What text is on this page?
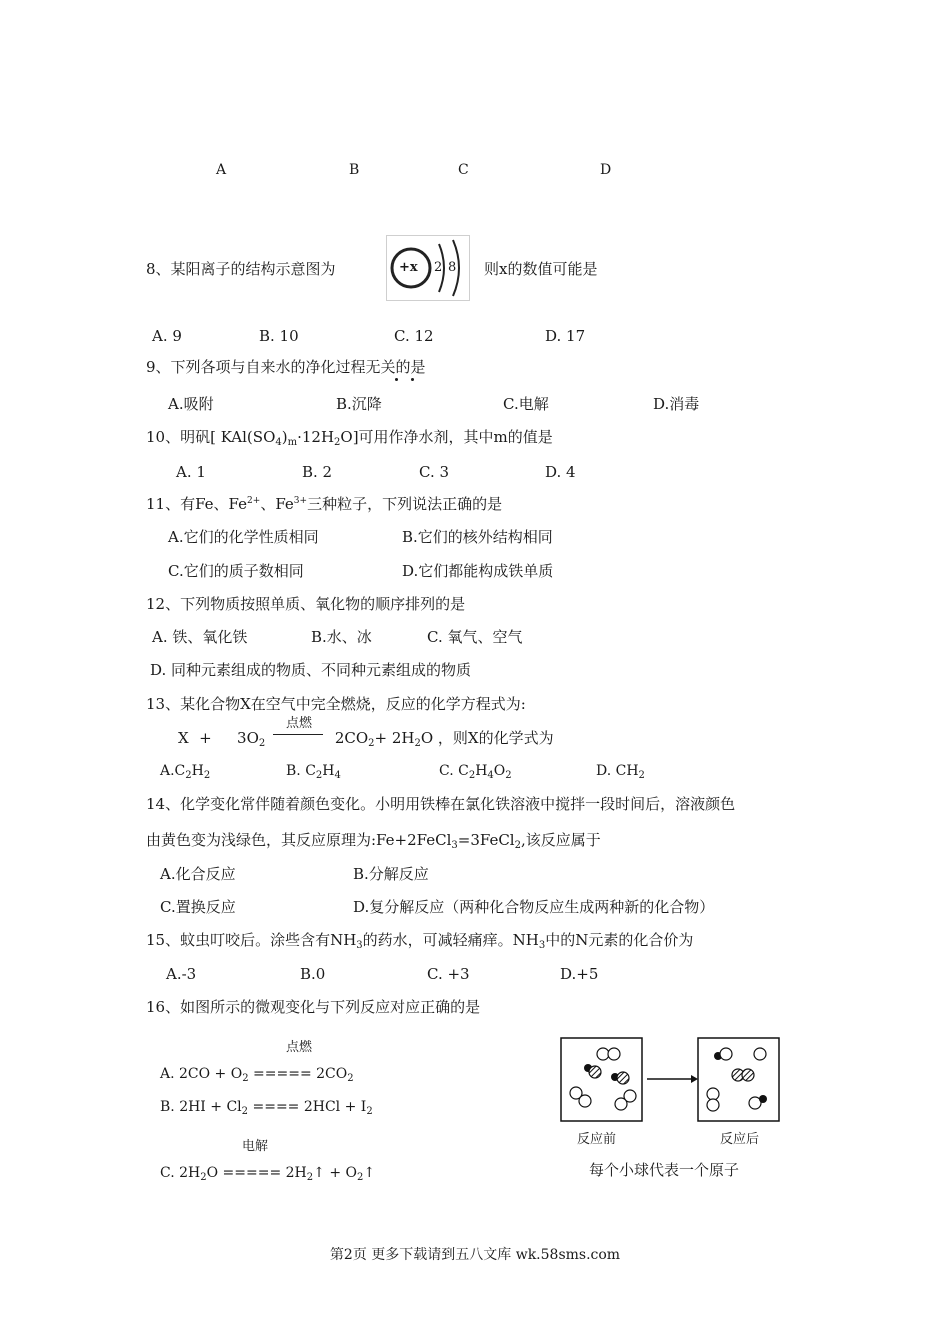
A	B	C	D
8、某阳离子的结构示意图为	+x 2 8 则x的数值可能是
A. 9	B. 10	C. 12	D. 17
9、下列各项与自来水的净化过程无关的是
A.吸附	B.沉降	C.电解	D.消毒
10、明矾[ $KAl(SO_4)_m\cdot 12H_2O$]可用作净水剂，其中m的值是
A. 1	B. 2	C. 3	D. 4
11、有Fe、$Fe^{2+}$、$Fe^{3+}$三种粒子，下列说法正确的是
A.它们的化学性质相同	B.它们的核外结构相同
C.它们的质子数相同	D.它们都能构成铁单质
12、下列物质按照单质、氧化物的顺序排列的是
A. 铁、氧化铁	B.水、冰	C. 氧气、空气
D. 同种元素组成的物质、不同种元素组成的物质
13、某化合物X在空气中完全燃烧，反应的化学方程式为:
点燃
$X + 3O_2$	$2CO_2+ 2H_2O$ ，则X的化学式为
$A.C_2H_2$	B. $C_2H_4$	C. $C_2H_4O_2$	D. $CH_2$
14、化学变化常伴随着颜色变化。小明用铁棒在氯化铁溶液中搅拌一段时间后，溶液颜色
由黄色变为浅绿色，其反应原理为:Fe+2FeCl$_3$=3FeCl$_2$,该反应属于
A.化合反应	B.分解反应
C.置换反应	D.复分解反应（两种化合物反应生成两种新的化合物）
15、蚊虫叮咬后。涂些含有$NH_3$的药水，可减轻痛痒。$NH_3$中的N元素的化合价为
A.-3	B.0	C. +3	D.+5
16、如图所示的微观变化与下列反应对应正确的是
点燃
A. $2CO + O_2$ ===== $2CO_2$
B. $2HI + Cl_2$ ==== $2HCl + I_2$
电解
C. $2H_2O$ ===== $2H_2↑$ + $O_2↑$
反应前	反应后
每个小球代表一个原子
第2页 更多下载请到五八文库 wk.58sms.com
